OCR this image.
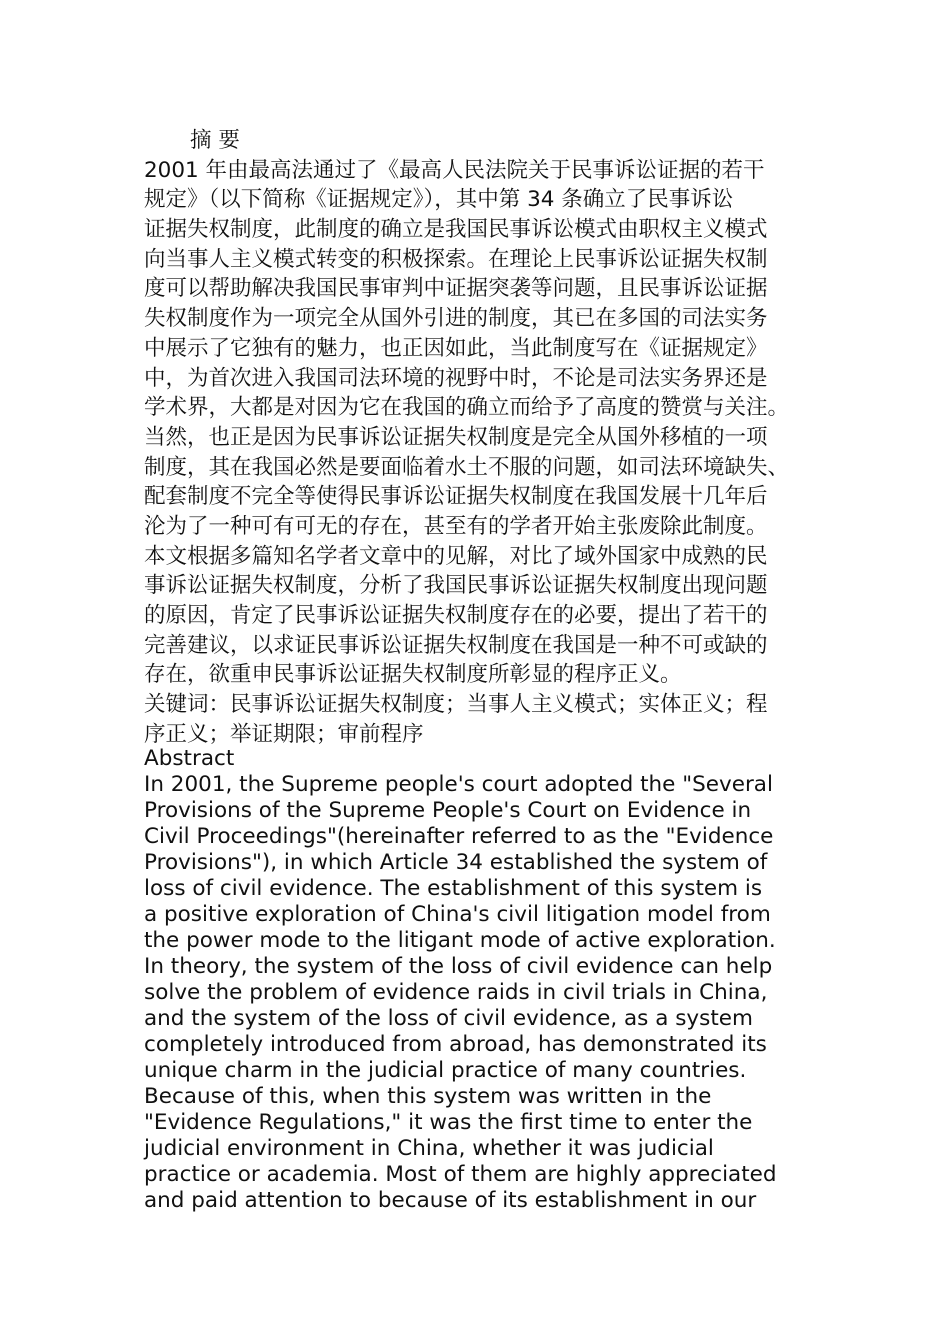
摘 要
2001 年由最高法通过了《最高人民法院关于民事诉讼证据的若干
规定》（以下简称《证据规定》），其中第 34 条确立了民事诉讼
证据失权制度，此制度的确立是我国民事诉讼模式由职权主义模式
向当事人主义模式转变的积极探索。在理论上民事诉讼证据失权制
度可以帮助解决我国民事审判中证据突袭等问题，且民事诉讼证据
失权制度作为一项完全从国外引进的制度，其已在多国的司法实务
中展示了它独有的魅力，也正因如此，当此制度写在《证据规定》
中，为首次进入我国司法环境的视野中时，不论是司法实务界还是
学术界，大都是对因为它在我国的确立而给予了高度的赞赏与关注。
当然，也正是因为民事诉讼证据失权制度是完全从国外移植的一项
制度，其在我国必然是要面临着水土不服的问题，如司法环境缺失、
配套制度不完全等使得民事诉讼证据失权制度在我国发展十几年后
沦为了一种可有可无的存在，甚至有的学者开始主张废除此制度。
本文根据多篇知名学者文章中的见解，对比了域外国家中成熟的民
事诉讼证据失权制度，分析了我国民事诉讼证据失权制度出现问题
的原因，肯定了民事诉讼证据失权制度存在的必要，提出了若干的
完善建议，以求证民事诉讼证据失权制度在我国是一种不可或缺的
存在，欲重申民事诉讼证据失权制度所彰显的程序正义。
关键词：民事诉讼证据失权制度；当事人主义模式；实体正义；程
序正义；举证期限；审前程序
Abstract
In 2001, the Supreme people's court adopted the "Several
Provisions of the Supreme People's Court on Evidence in
Civil Proceedings"(hereinafter referred to as the "Evidence
Provisions"), in which Article 34 established the system of
loss of civil evidence. The establishment of this system is
a positive exploration of China's civil litigation model from
the power mode to the litigant mode of active exploration.
In theory, the system of the loss of civil evidence can help
solve the problem of evidence raids in civil trials in China,
and the system of the loss of civil evidence, as a system
completely introduced from abroad, has demonstrated its
unique charm in the judicial practice of many countries.
Because of this, when this system was written in the
"Evidence Regulations," it was the first time to enter the
judicial environment in China, whether it was judicial
practice or academia. Most of them are highly appreciated
and paid attention to because of its establishment in our
